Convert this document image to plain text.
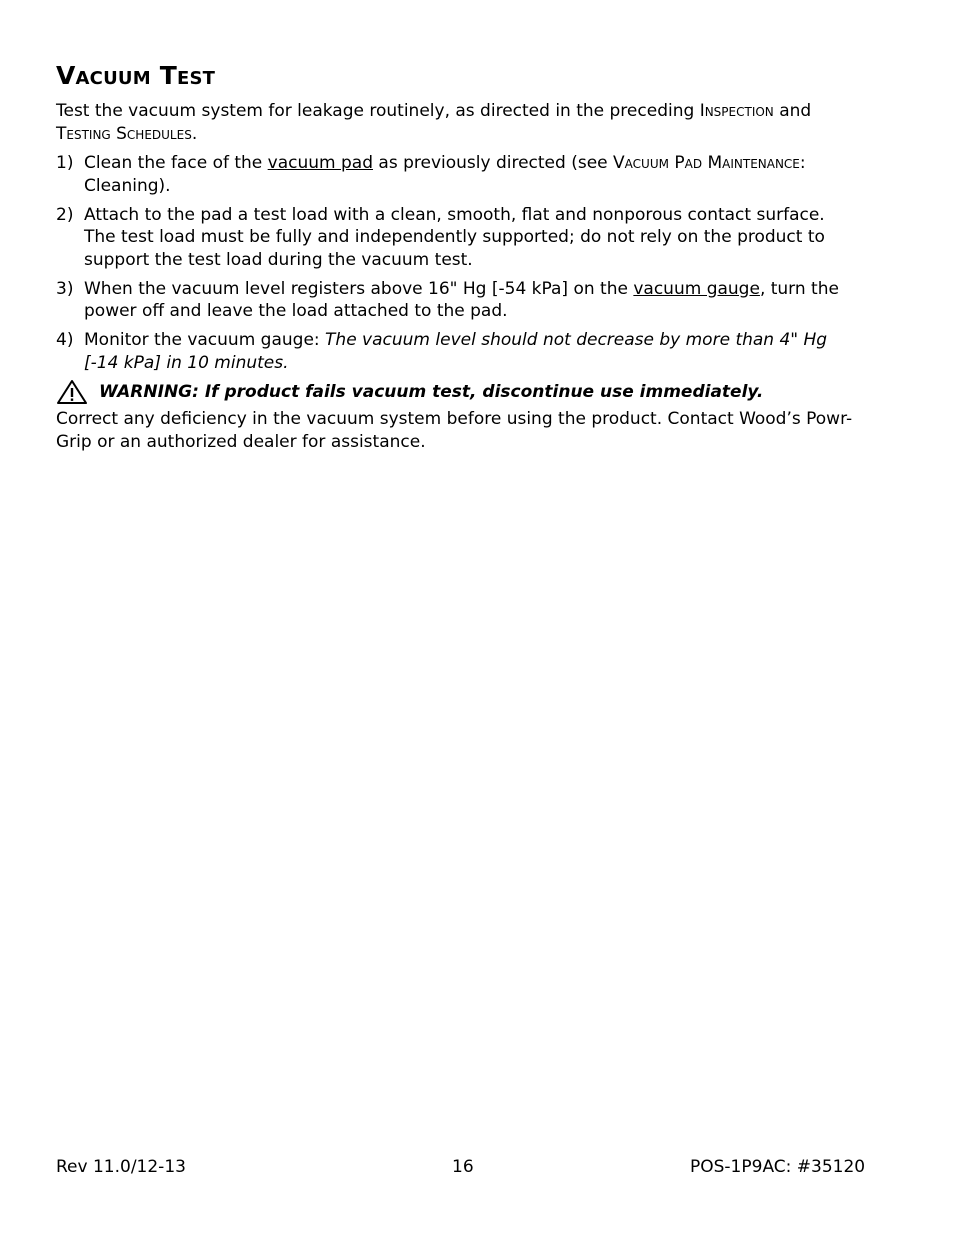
Vacuum Test

Test the vacuum system for leakage routinely, as directed in the preceding Inspection and Testing Schedules.

1) Clean the face of the vacuum pad as previously directed (see Vacuum Pad Maintenance: Cleaning).
2) Attach to the pad a test load with a clean, smooth, flat and nonporous contact surface. The test load must be fully and independently supported; do not rely on the product to support the test load during the vacuum test.
3) When the vacuum level registers above 16" Hg [-54 kPa] on the vacuum gauge, turn the power off and leave the load attached to the pad.
4) Monitor the vacuum gauge: The vacuum level should not decrease by more than 4" Hg [-14 kPa] in 10 minutes.
WARNING: If product fails vacuum test, discontinue use immediately.

Correct any deficiency in the vacuum system before using the product. Contact Wood’s Powr-Grip or an authorized dealer for assistance.

Rev 11.0/12-13	16	POS-1P9AC: #35120
